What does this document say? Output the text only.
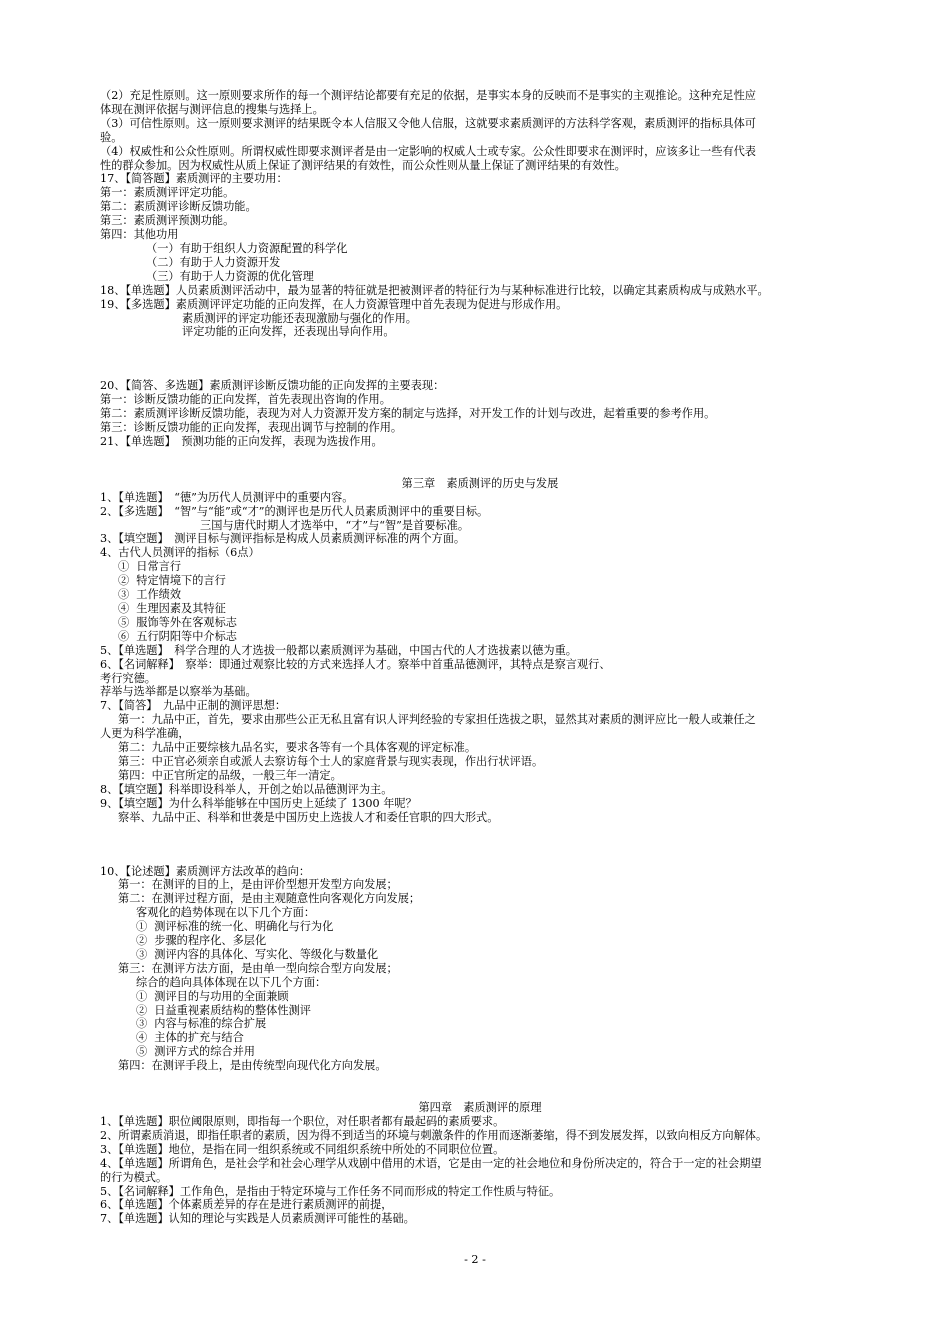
（2）充足性原则。这一原则要求所作的每一个测评结论都要有充足的依据，是事实本身的反映而不是事实的主观推论。这种充足性应

体现在测评依据与测评信息的搜集与选择上。

（3）可信性原则。这一原则要求测评的结果既令本人信服又令他人信服，这就要求素质测评的方法科学客观，素质测评的指标具体可

验。

（4）权威性和公众性原则。所谓权威性即要求测评者是由一定影响的权威人士或专家。公众性即要求在测评时，应该多让一些有代表

性的群众参加。因为权威性从质上保证了测评结果的有效性，而公众性则从量上保证了测评结果的有效性。

17、【简答题】素质测评的主要功用：

第一：素质测评评定功能。

第二：素质测评诊断反馈功能。

第三：素质测评预测功能。

第四：其他功用

（一）有助于组织人力资源配置的科学化

（二）有助于人力资源开发

（三）有助于人力资源的优化管理

18、【单选题】人员素质测评活动中，最为显著的特征就是把被测评者的特征行为与某种标准进行比较，以确定其素质构成与成熟水平。

19、【多选题】素质测评评定功能的正向发挥，在人力资源管理中首先表现为促进与形成作用。

素质测评的评定功能还表现激励与强化的作用。

评定功能的正向发挥，还表现出导向作用。

20、【简答、多选题】素质测评诊断反馈功能的正向发挥的主要表现：

第一：诊断反馈功能的正向发挥，首先表现出咨询的作用。

第二：素质测评诊断反馈功能，表现为对人力资源开发方案的制定与选择，对开发工作的计划与改进，起着重要的参考作用。

第三：诊断反馈功能的正向发挥，表现出调节与控制的作用。

21、【单选题】　预测功能的正向发挥，表现为选拔作用。

第三章　素质测评的历史与发展

1、【单选题】　“德”为历代人员测评中的重要内容。

2、【多选题】　“智”与“能”或“才”的测评也是历代人员素质测评中的重要目标。

三国与唐代时期人才选举中，“才”与“智”是首要标准。

3、【填空题】　测评目标与测评指标是构成人员素质测评标准的两个方面。

4、古代人员测评的指标（6点）

①  日常言行

②  特定情境下的言行

③  工作绩效

④  生理因素及其特征

⑤  服饰等外在客观标志

⑥  五行阴阳等中介标志

5、【单选题】　科学合理的人才选拔一般都以素质测评为基础，中国古代的人才选拔素以德为重。

6、【名词解释】　察举：即通过观察比较的方式来选择人才。察举中首重品德测评，其特点是察言观行、

考行究德。

荐举与选举都是以察举为基础。

7、【简答】　九品中正制的测评思想：

第一：九品中正，首先，要求由那些公正无私且富有识人评判经验的专家担任选拔之职，显然其对素质的测评应比一般人或兼任之

人更为科学准确，

第二：九品中正要综核九品名实，要求各等有一个具体客观的评定标准。

第三：中正官必须亲自或派人去察访每个士人的家庭背景与现实表现，作出行状评语。

第四：中正官所定的品级，一般三年一清定。

8、【填空题】科举即设科举人，开创之始以品德测评为主。

9、【填空题】为什么科举能够在中国历史上延续了 1300 年呢？

察举、九品中正、科举和世袭是中国历史上选拔人才和委任官职的四大形式。

10、【论述题】素质测评方法改革的趋向：

第一：在测评的目的上，是由评价型想开发型方向发展；

第二：在测评过程方面，是由主观随意性向客观化方向发展；

客观化的趋势体现在以下几个方面：

①  测评标准的统一化、明确化与行为化

②  步骤的程序化、多层化

③  测评内容的具体化、写实化、等级化与数量化

第三：在测评方法方面，是由单一型向综合型方向发展；

综合的趋向具体体现在以下几个方面：

①  测评目的与功用的全面兼顾

②  日益重视素质结构的整体性测评

③  内容与标准的综合扩展

④  主体的扩充与结合

⑤  测评方式的综合并用

第四：在测评手段上，是由传统型向现代化方向发展。

第四章　素质测评的原理

1、【单选题】职位阈限原则，即指每一个职位，对任职者都有最起码的素质要求。

2、所谓素质消退，即指任职者的素质，因为得不到适当的环境与刺激条件的作用而逐渐萎缩，得不到发展发挥，以致向相反方向解体。

3、【单选题】地位，是指在同一组织系统或不同组织系统中所处的不同职位位置。

4、【单选题】所谓角色，是社会学和社会心理学从戏剧中借用的术语，它是由一定的社会地位和身份所决定的，符合于一定的社会期望

的行为模式。

5、【名词解释】工作角色，是指由于特定环境与工作任务不同而形成的特定工作性质与特征。

6、【单选题】个体素质差异的存在是进行素质测评的前提，

7、【单选题】认知的理论与实践是人员素质测评可能性的基础。

- 2 -
